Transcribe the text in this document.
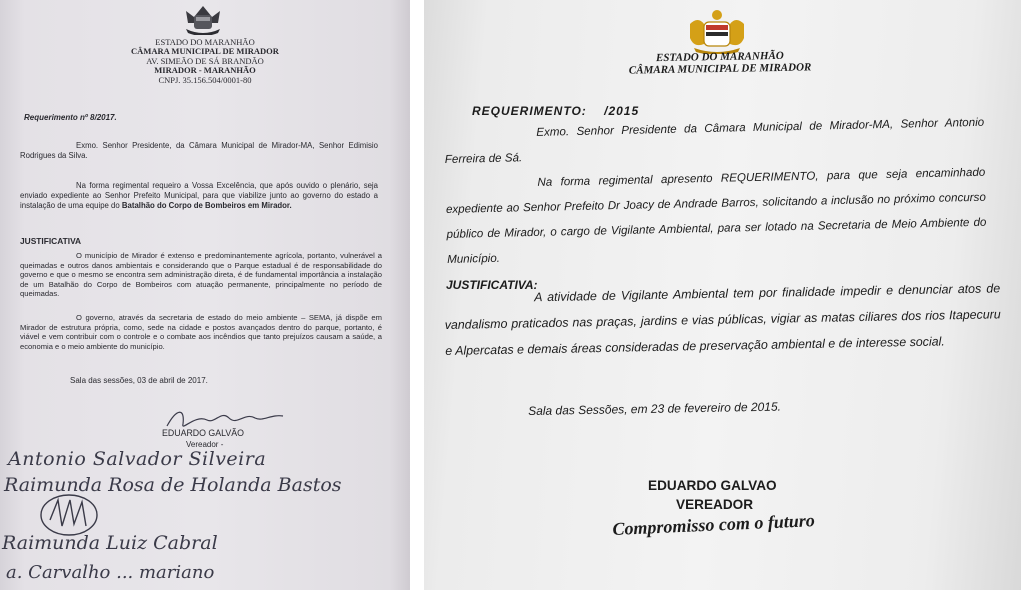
ESTADO DO MARANHÃO
CÂMARA MUNICIPAL DE MIRADOR
AV. SIMEÃO DE SÁ BRANDÃO
MIRADOR - MARANHÃO
CNPJ. 35.156.504/0001-80
Requerimento nº 8/2017.
Exmo. Senhor Presidente, da Câmara Municipal de Mirador-MA, Senhor Edimisio Rodrigues da Silva.
Na forma regimental requeiro a Vossa Excelência, que após ouvido o plenário, seja enviado expediente ao Senhor Prefeito Municipal, para que viabilize junto ao governo do estado a instalação de uma equipe do Batalhão do Corpo de Bombeiros em Mirador.
JUSTIFICATIVA
O município de Mirador é extenso e predominantemente agrícola, portanto, vulnerável a queimadas e outros danos ambientais e considerando que o Parque estadual é de responsabilidade do governo e que o mesmo se encontra sem administração direta, é de fundamental importância a instalação de um Batalhão do Corpo de Bombeiros com atuação permanente, principalmente no período de queimadas.
O governo, através da secretaria de estado do meio ambiente – SEMA, já dispõe em Mirador de estrutura própria, como, sede na cidade e postos avançados dentro do parque, portanto, é viável e vem contribuir com o controle e o combate aos incêndios que tanto prejuízos causam a saúde, a economia e o meio ambiente do município.
Sala das sessões, 03 de abril de 2017.
EDUARDO GALVÃO
Vereador -
Antonio Salvador Silveira
Raimunda Rosa de Holanda Bastos
Raimunda Luiz Cabral
a. Carvalho ... mariano
ESTADO DO MARANHÃO
CÂMARA MUNICIPAL DE MIRADOR
REQUERIMENTO:    /2015
Exmo. Senhor Presidente da Câmara Municipal de Mirador-MA, Senhor Antonio Ferreira de Sá.
Na forma regimental apresento REQUERIMENTO, para que seja encaminhado expediente ao Senhor Prefeito Dr Joacy de Andrade Barros, solicitando a inclusão no próximo concurso público de Mirador, o cargo de Vigilante Ambiental, para ser lotado na Secretaria de Meio Ambiente do Município.
JUSTIFICATIVA:
A atividade de Vigilante Ambiental tem por finalidade impedir e denunciar atos de vandalismo praticados nas praças, jardins e vias públicas, vigiar as matas ciliares dos rios Itapecuru e Alpercatas e demais áreas consideradas de preservação ambiental e de interesse social.
Sala das Sessões, em 23 de fevereiro de 2015.
EDUARDO GALVAO
VEREADOR
Compromisso com o futuro
